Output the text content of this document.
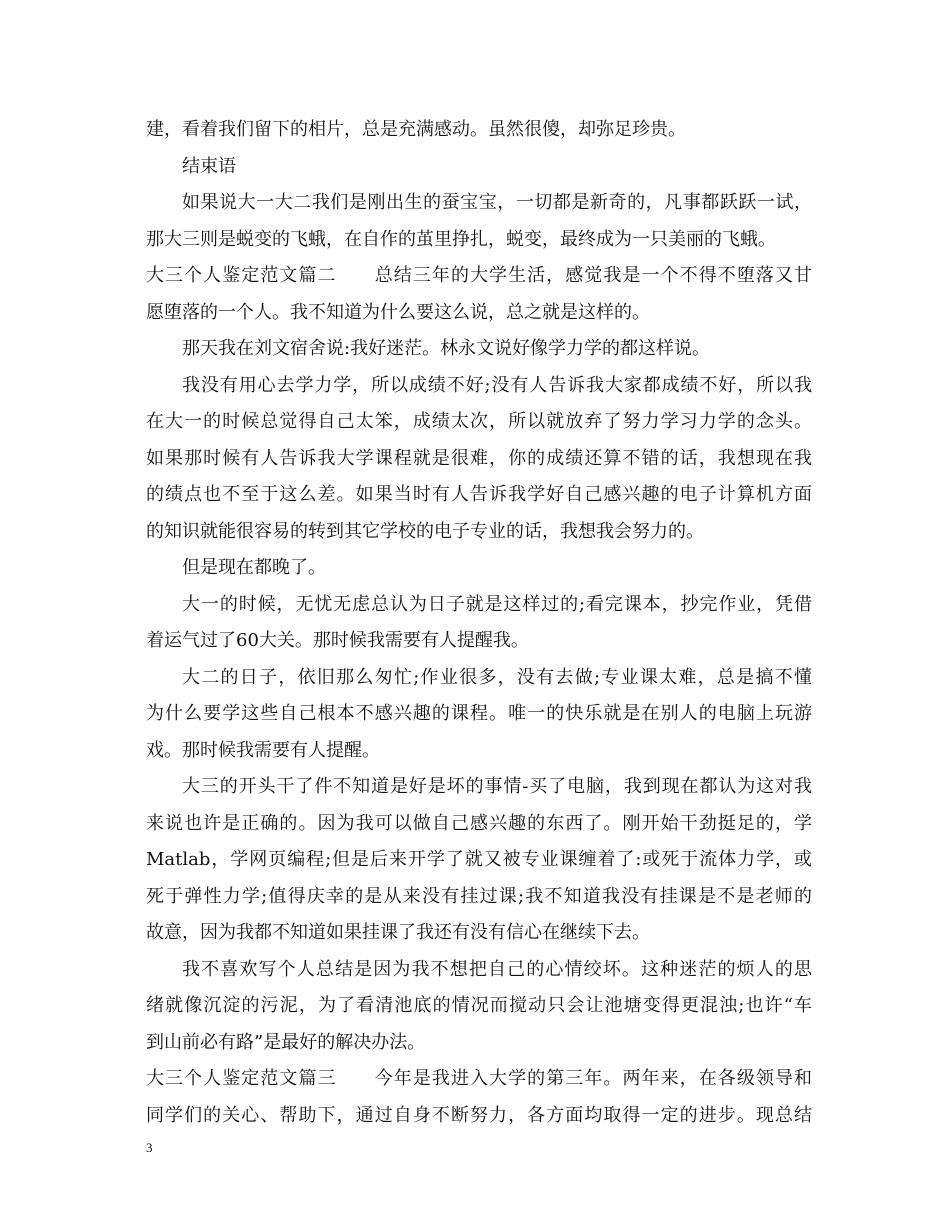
建，看着我们留下的相片，总是充满感动。虽然很傻，却弥足珍贵。
结束语
如果说大一大二我们是刚出生的蚕宝宝，一切都是新奇的，凡事都跃跃一试，
那大三则是蜕变的飞蛾，在自作的茧里挣扎，蜕变，最终成为一只美丽的飞蛾。
大三个人鉴定范文篇二　　总结三年的大学生活，感觉我是一个不得不堕落又甘
愿堕落的一个人。我不知道为什么要这么说，总之就是这样的。
那天我在刘文宿舍说:我好迷茫。林永文说好像学力学的都这样说。
我没有用心去学力学，所以成绩不好;没有人告诉我大家都成绩不好，所以我
在大一的时候总觉得自己太笨，成绩太次，所以就放弃了努力学习力学的念头。
如果那时候有人告诉我大学课程就是很难，你的成绩还算不错的话，我想现在我
的绩点也不至于这么差。如果当时有人告诉我学好自己感兴趣的电子计算机方面
的知识就能很容易的转到其它学校的电子专业的话，我想我会努力的。
但是现在都晚了。
大一的时候，无忧无虑总认为日子就是这样过的;看完课本，抄完作业，凭借
着运气过了60大关。那时候我需要有人提醒我。
大二的日子，依旧那么匆忙;作业很多，没有去做;专业课太难，总是搞不懂
为什么要学这些自己根本不感兴趣的课程。唯一的快乐就是在别人的电脑上玩游
戏。那时候我需要有人提醒。
大三的开头干了件不知道是好是坏的事情-买了电脑，我到现在都认为这对我
来说也许是正确的。因为我可以做自己感兴趣的东西了。刚开始干劲挺足的，学
Matlab，学网页编程;但是后来开学了就又被专业课缠着了:或死于流体力学，或
死于弹性力学;值得庆幸的是从来没有挂过课;我不知道我没有挂课是不是老师的
故意，因为我都不知道如果挂课了我还有没有信心在继续下去。
我不喜欢写个人总结是因为我不想把自己的心情绞坏。这种迷茫的烦人的思
绪就像沉淀的污泥，为了看清池底的情况而搅动只会让池塘变得更混浊;也许“车
到山前必有路”是最好的解决办法。
大三个人鉴定范文篇三　　今年是我进入大学的第三年。两年来，在各级领导和
同学们的关心、帮助下，通过自身不断努力，各方面均取得一定的进步。现总结
3
